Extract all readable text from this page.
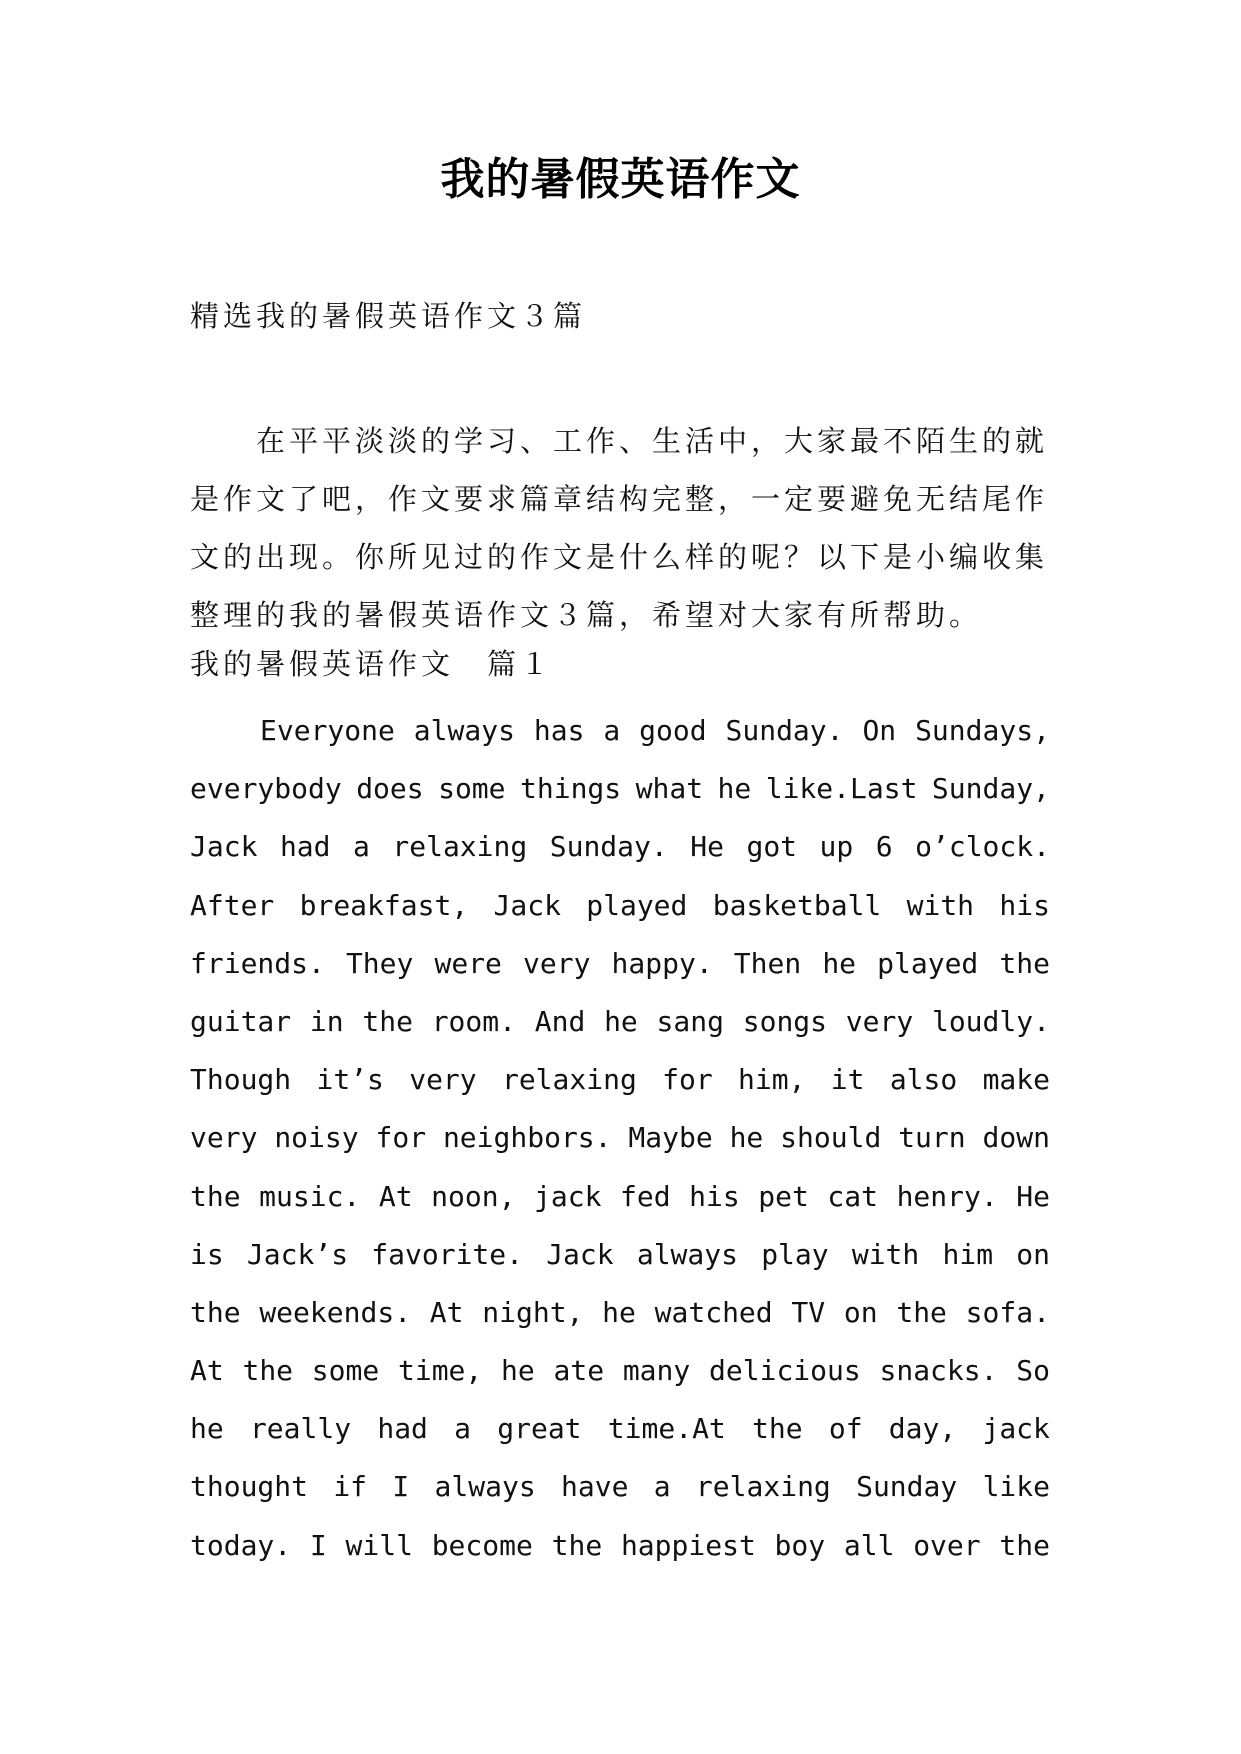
我的暑假英语作文
精选我的暑假英语作文３篇
在平平淡淡的学习、工作、生活中，大家最不陌生的就
是作文了吧，作文要求篇章结构完整，一定要避免无结尾作
文的出现。你所见过的作文是什么样的呢？以下是小编收集
整理的我的暑假英语作文３篇，希望对大家有所帮助。
我的暑假英语作文　篇１
Everyone always has a good Sunday. On Sundays,
everybody does some things what he like.Last Sunday,
Jack had a relaxing Sunday. He got up 6 o’clock.
After breakfast, Jack played basketball with his
friends. They were very happy. Then he played the
guitar in the room. And he sang songs very loudly.
Though it’s very relaxing for him, it also make
very noisy for neighbors. Maybe he should turn down
the music. At noon, jack fed his pet cat henry. He
is Jack’s favorite. Jack always play with him on
the weekends. At night, he watched TV on the sofa.
At the some time, he ate many delicious snacks. So
he really had a great time.At the of day, jack
thought if I always have a relaxing Sunday like
today. I will become the happiest boy all over the
